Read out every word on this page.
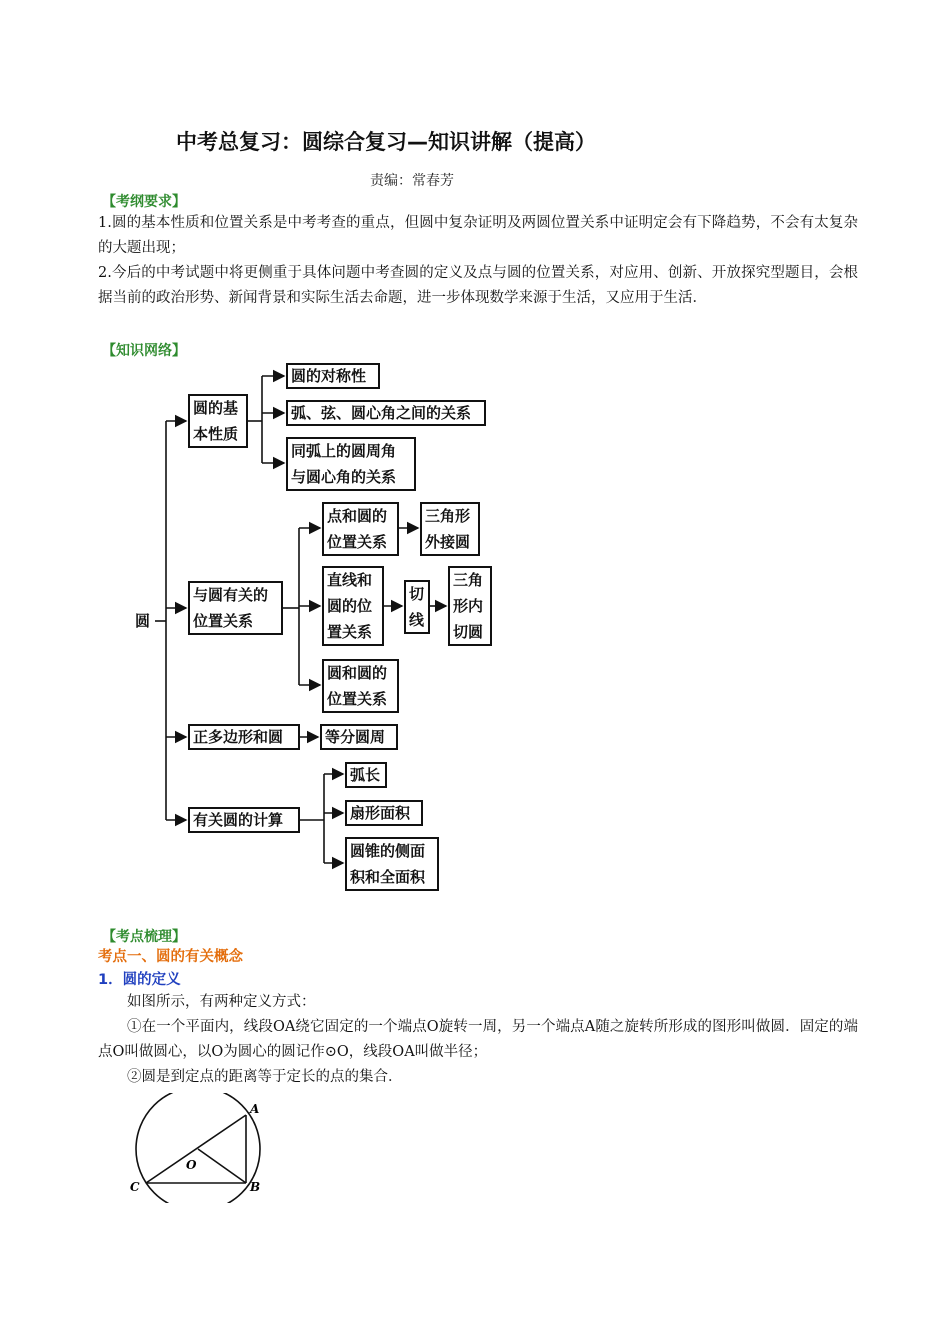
中考总复习：圆综合复习—知识讲解（提高）
责编：常春芳
【考纲要求】
1.圆的基本性质和位置关系是中考考查的重点，但圆中复杂证明及两圆位置关系中证明定会有下降趋势，不会有太复杂的大题出现；
2.今后的中考试题中将更侧重于具体问题中考查圆的定义及点与圆的位置关系，对应用、创新、开放探究型题目，会根据当前的政治形势、新闻背景和实际生活去命题，进一步体现数学来源于生活，又应用于生活．
【知识网络】
圆
圆的基
本性质
圆的对称性
弧、弦、圆心角之间的关系
同弧上的圆周角
与圆心角的关系
与圆有关的
位置关系
点和圆的
位置关系
三角形
外接圆
直线和
圆的位
置关系
切
线
三角
形内
切圆
圆和圆的
位置关系
正多边形和圆	等分圆周
有关圆的计算
弧长
扇形面积
圆锥的侧面
积和全面积
【考点梳理】
考点一、圆的有关概念
1．圆的定义
如图所示，有两种定义方式：
①在一个平面内，线段OA绕它固定的一个端点O旋转一周，另一个端点A随之旋转所形成的图形叫做圆．固定的端点O叫做圆心，以O为圆心的圆记作⊙O，线段OA叫做半径；
②圆是到定点的距离等于定长的点的集合．
A
B
C
O
